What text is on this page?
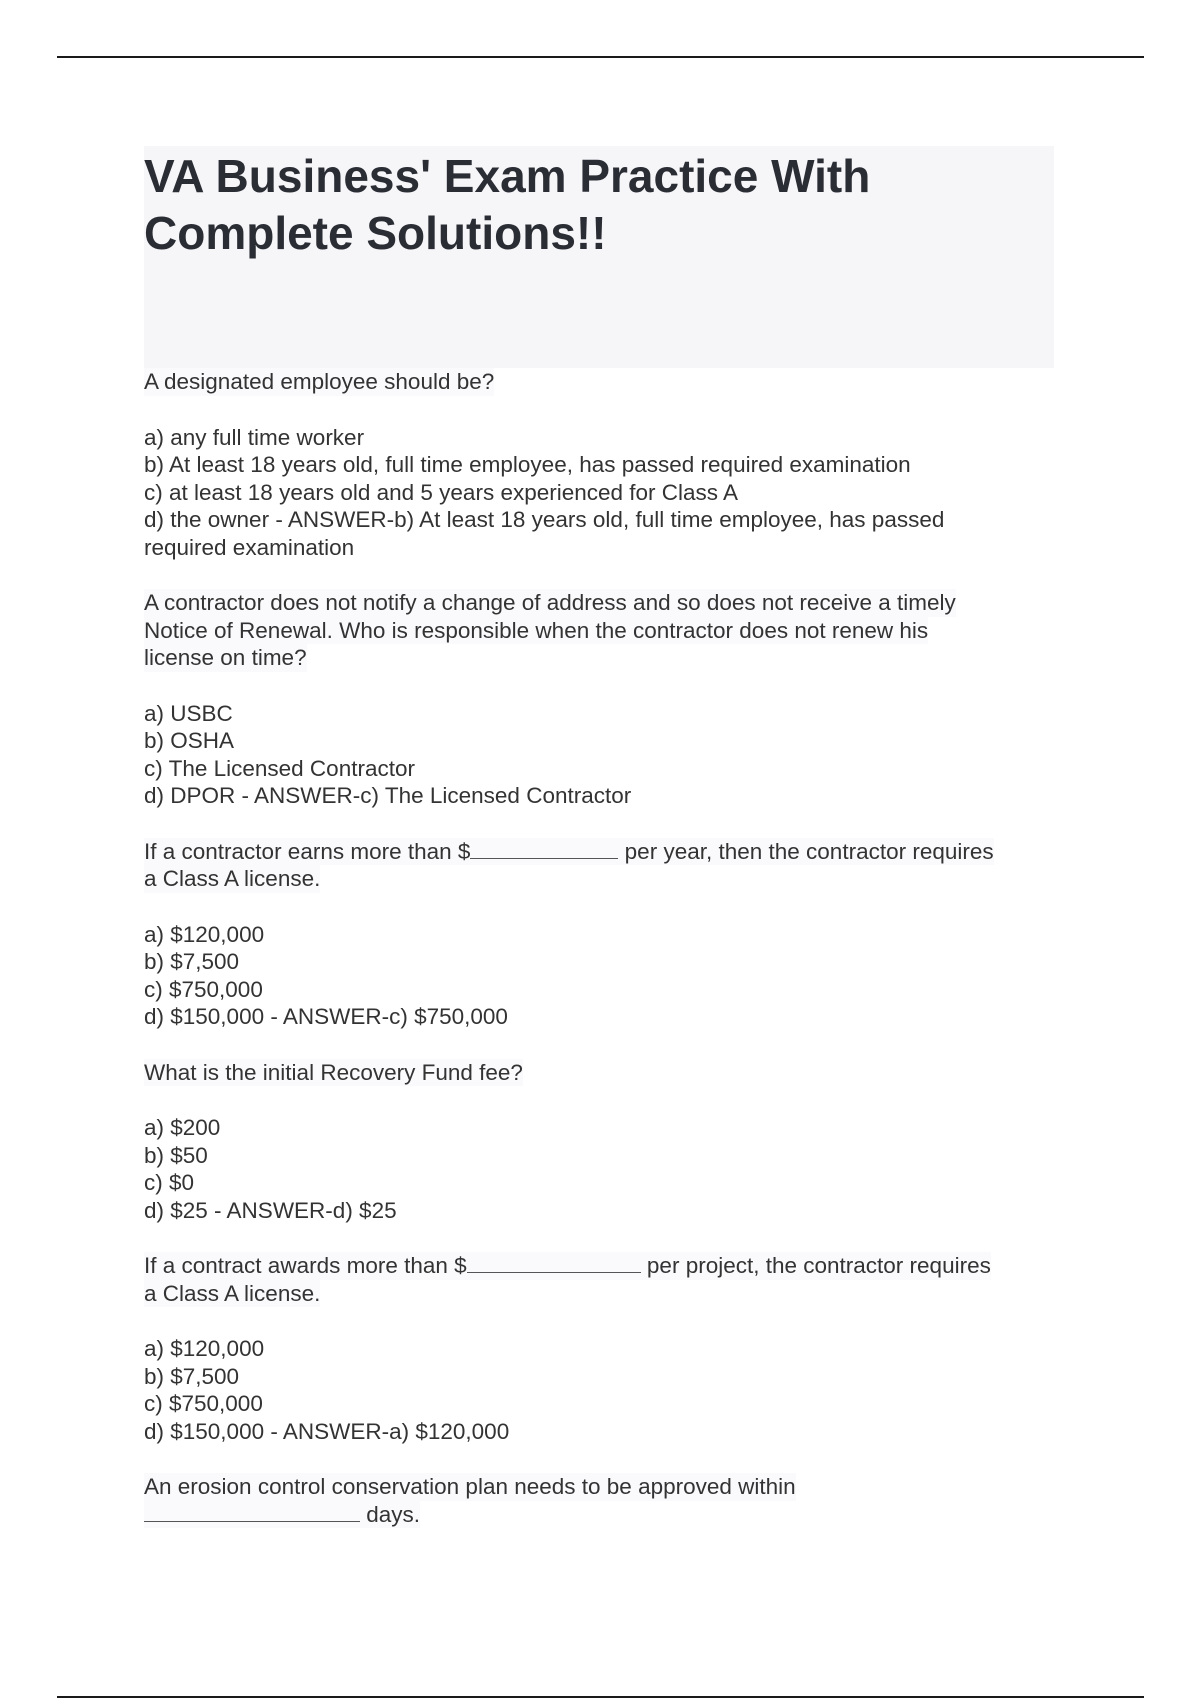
VA Business' Exam Practice With
Complete Solutions!!
A designated employee should be?
a) any full time worker
b) At least 18 years old, full time employee, has passed required examination
c) at least 18 years old and 5 years experienced for Class A
d) the owner - ANSWER-b) At least 18 years old, full time employee, has passed
required examination
A contractor does not notify a change of address and so does not receive a timely
Notice of Renewal. Who is responsible when the contractor does not renew his
license on time?
a) USBC
b) OSHA
c) The Licensed Contractor
d) DPOR - ANSWER-c) The Licensed Contractor
If a contractor earns more than $	per year, then the contractor requires
a Class A license.
a) $120,000
b) $7,500
c) $750,000
d) $150,000 - ANSWER-c) $750,000
What is the initial Recovery Fund fee?
a) $200
b) $50
c) $0
d) $25 - ANSWER-d) $25
If a contract awards more than $	per project, the contractor requires
a Class A license.
a) $120,000
b) $7,500
c) $750,000
d) $150,000 - ANSWER-a) $120,000
An erosion control conservation plan needs to be approved within
days.
